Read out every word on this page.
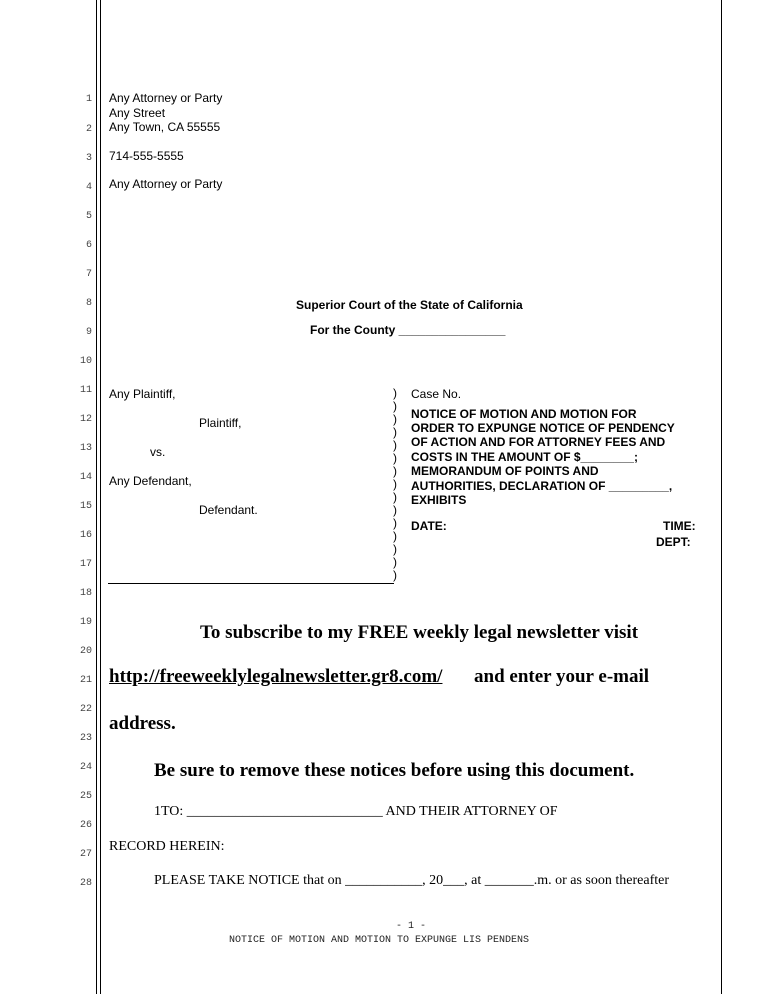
1
2
3
4
5
6
7
8
9
10
11
12
13
14
15
16
17
18
19
20
21
22
23
24
25
26
27
28
Any Attorney or Party
Any Street
Any Town, CA 55555
714-555-5555
Any Attorney or Party
Superior Court of the State of California
For the County ________________
Any Plaintiff,
Plaintiff,
vs.
Any Defendant,
Defendant.
)
)
)
)
)
)
)
)
)
)
)
)
)
)
)
Case No.
NOTICE OF MOTION AND MOTION FOR
ORDER TO EXPUNGE NOTICE OF PENDENCY
OF ACTION AND FOR ATTORNEY FEES AND
COSTS IN THE AMOUNT OF $________;
MEMORANDUM OF POINTS AND
AUTHORITIES, DECLARATION OF _________,
EXHIBITS
DATE:	TIME:
DEPT:
To subscribe to my FREE weekly legal newsletter visit
http://freeweeklylegalnewsletter.gr8.com/ and enter your e-mail
address.
Be sure to remove these notices before using this document.
1TO: ____________________________ AND THEIR ATTORNEY OF
RECORD HEREIN:
PLEASE TAKE NOTICE that on ___________, 20___, at _______.m. or as soon thereafter
- 1 -
NOTICE OF MOTION AND MOTION TO EXPUNGE LIS PENDENS
